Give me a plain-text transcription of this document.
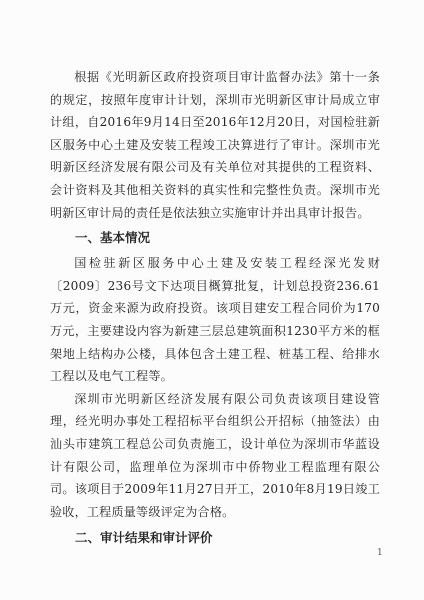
根据《光明新区政府投资项目审计监督办法》第十一条的规定，按照年度审计计划，深圳市光明新区审计局成立审计组，自2016年9月14日至2016年12月20日，对国检驻新区服务中心土建及安装工程竣工决算进行了审计。深圳市光明新区经济发展有限公司及有关单位对其提供的工程资料、会计资料及其他相关资料的真实性和完整性负责。深圳市光明新区审计局的责任是依法独立实施审计并出具审计报告。

一、基本情况

国检驻新区服务中心土建及安装工程经深光发财〔2009〕236号文下达项目概算批复，计划总投资236.61万元，资金来源为政府投资。该项目建安工程合同价为170万元，主要建设内容为新建三层总建筑面积1230平方米的框架地上结构办公楼，具体包含土建工程、桩基工程、给排水工程以及电气工程等。

深圳市光明新区经济发展有限公司负责该项目建设管理，经光明办事处工程招标平台组织公开招标（抽签法）由汕头市建筑工程总公司负责施工，设计单位为深圳市华蓝设计有限公司，监理单位为深圳市中侨物业工程监理有限公司。该项目于2009年11月27日开工，2010年8月19日竣工验收，工程质量等级评定为合格。

二、审计结果和审计评价

1
